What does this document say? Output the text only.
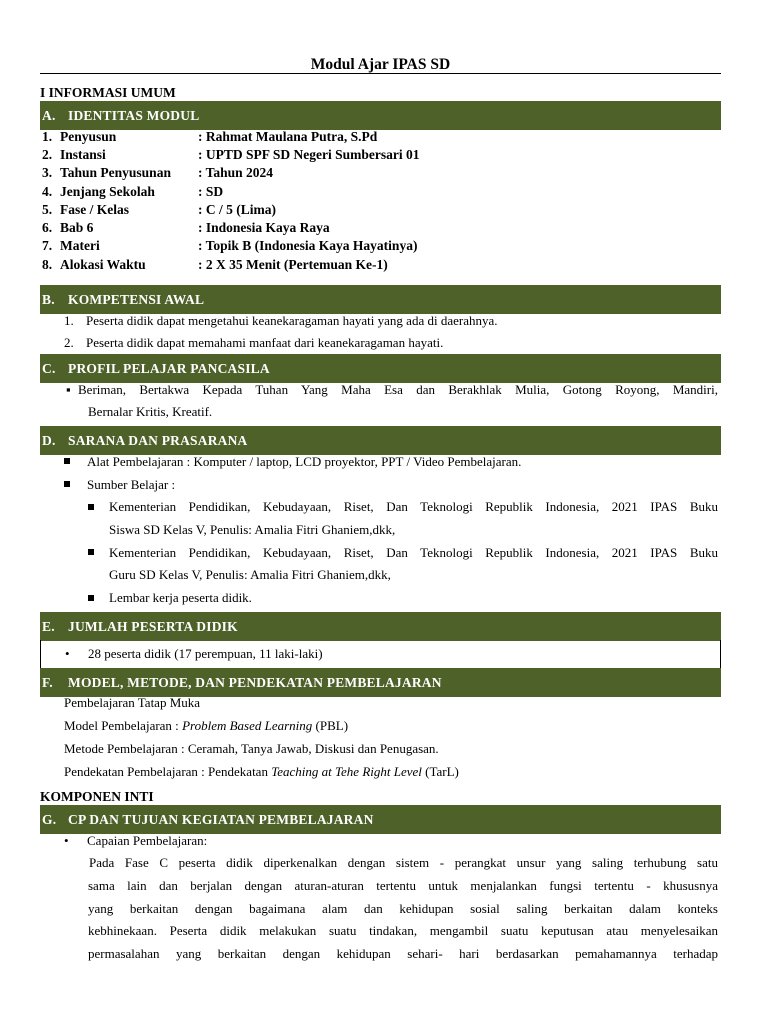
Modul Ajar IPAS SD
I INFORMASI UMUM
A. IDENTITAS MODUL
1. Penyusun	: Rahmat Maulana Putra, S.Pd
2. Instansi	: UPTD SPF SD Negeri Sumbersari 01
3. Tahun Penyusunan : Tahun 2024
4. Jenjang Sekolah	: SD
5. Fase / Kelas	: C / 5 (Lima)
6. Bab 6	: Indonesia Kaya Raya
7. Materi	: Topik B (Indonesia Kaya Hayatinya)
8. Alokasi Waktu	: 2 X 35 Menit (Pertemuan Ke-1)
B. KOMPETENSI AWAL
1. Peserta didik dapat mengetahui keanekaragaman hayati yang ada di daerahnya.
2. Peserta didik dapat memahami manfaat dari keanekaragaman hayati.
C. PROFIL PELAJAR PANCASILA
▪ Beriman, Bertakwa Kepada Tuhan Yang Maha Esa dan Berakhlak Mulia, Gotong Royong, Mandiri,
Bernalar Kritis, Kreatif.
D. SARANA DAN PRASARANA
Alat Pembelajaran : Komputer / laptop, LCD proyektor, PPT / Video Pembelajaran.
Sumber Belajar :
Kementerian Pendidikan, Kebudayaan, Riset, Dan Teknologi Republik Indonesia, 2021 IPAS Buku
Siswa SD Kelas V, Penulis: Amalia Fitri Ghaniem,dkk,
Kementerian Pendidikan, Kebudayaan, Riset, Dan Teknologi Republik Indonesia, 2021 IPAS Buku
Guru SD Kelas V, Penulis: Amalia Fitri Ghaniem,dkk,
Lembar kerja peserta didik.
E. JUMLAH PESERTA DIDIK
• 28 peserta didik (17 perempuan, 11 laki-laki)
F.	MODEL, METODE, DAN PENDEKATAN PEMBELAJARAN
Pembelajaran Tatap Muka
Model Pembelajaran : Problem Based Learning (PBL)
Metode Pembelajaran : Ceramah, Tanya Jawab, Diskusi dan Penugasan.
Pendekatan Pembelajaran : Pendekatan Teaching at Tehe Right Level (TarL)
KOMPONEN INTI
G. CP DAN TUJUAN KEGIATAN PEMBELAJARAN
• Capaian Pembelajaran:
Pada Fase C peserta didik diperkenalkan dengan sistem - perangkat unsur yang saling terhubung satu
sama lain dan berjalan dengan aturan-aturan tertentu untuk menjalankan fungsi tertentu - khususnya
yang berkaitan dengan bagaimana alam dan kehidupan sosial saling berkaitan dalam konteks
kebhinekaan. Peserta didik melakukan suatu tindakan, mengambil suatu keputusan atau menyelesaikan
permasalahan yang berkaitan dengan kehidupan sehari- hari berdasarkan pemahamannya terhadap
